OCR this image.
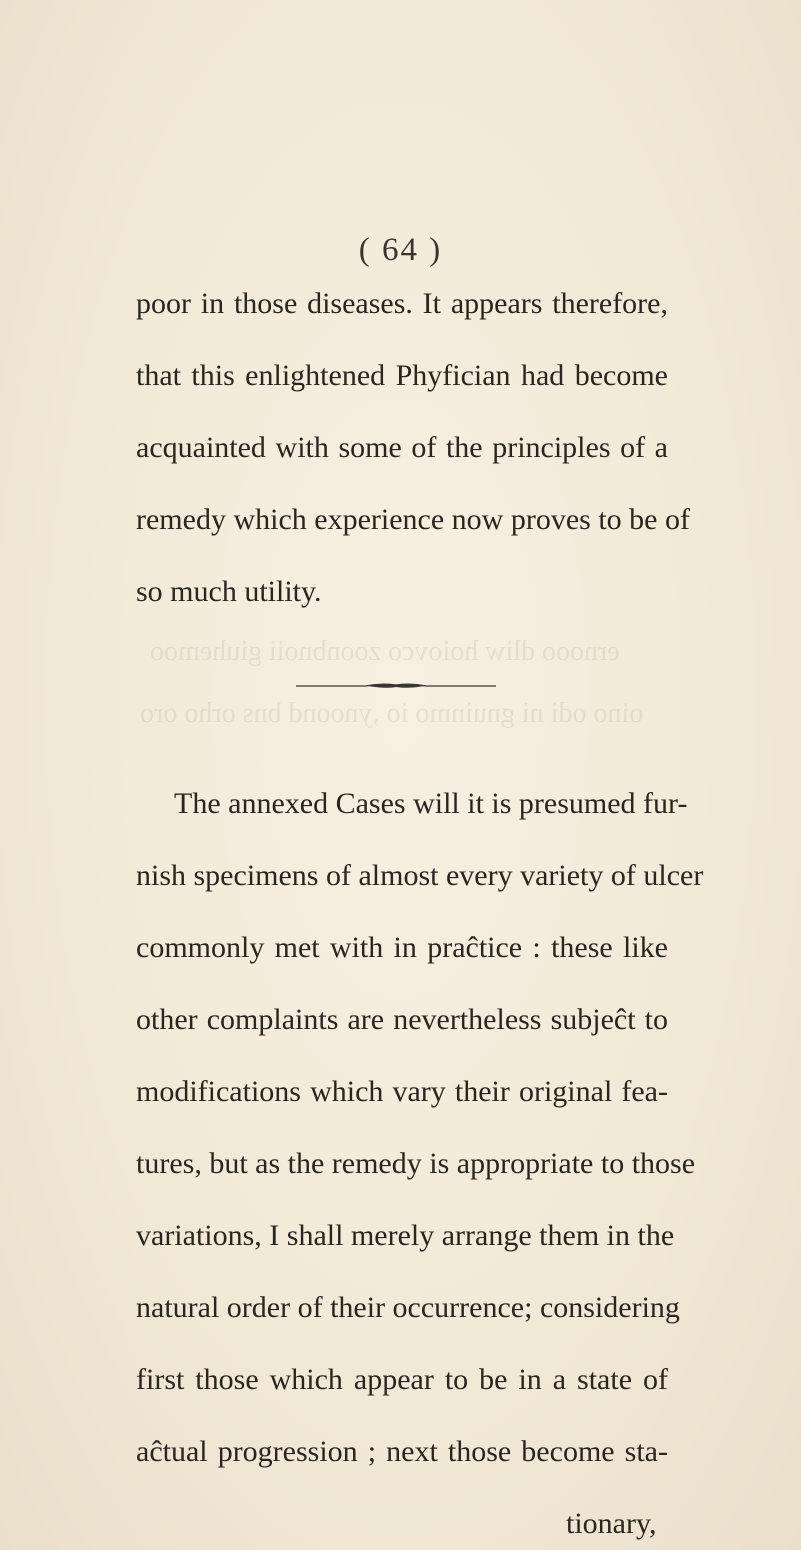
ernooo dliw hoiovco zoonbnoii giuhemoo
oino odi ni gnuinmo io ,ynoond bns orho oro
( 64 )
poor in those diseases. It appears therefore,
that this enlightened Phyfician had become
acquainted with some of the principles of a
remedy which experience now proves to be of
so much utility.
The annexed Cases will it is presumed fur-
nish specimens of almost every variety of ulcer
commonly met with in praĉtice : these like
other complaints are nevertheless subjeĉt to
modifications which vary their original fea-
tures, but as the remedy is appropriate to those
variations, I shall merely arrange them in the
natural order of their occurrence; considering
first those which appear to be in a state of
aĉtual progression ; next those become sta-
tionary,
